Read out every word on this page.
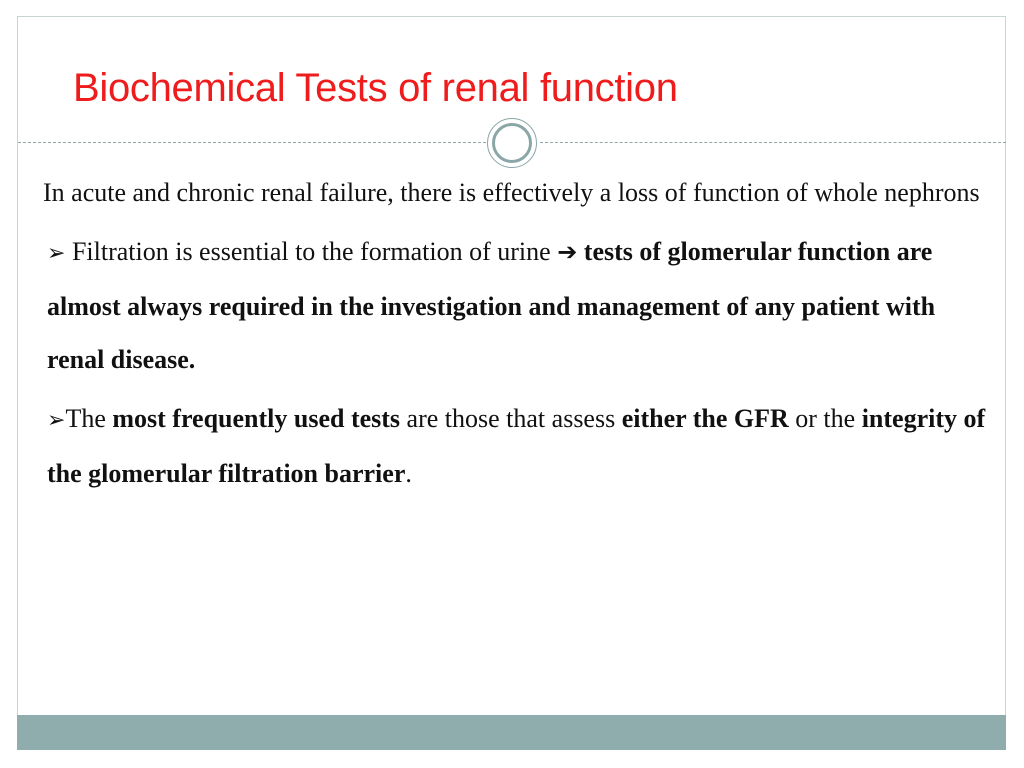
Biochemical Tests of renal function

In acute and chronic renal failure, there is effectively a loss of function of whole nephrons

➢ Filtration is essential to the formation of urine ➔ tests of glomerular function are almost always required in the investigation and management of any patient with renal disease.

➢The most frequently used tests are those that assess either the GFR or the integrity of the glomerular filtration barrier.
